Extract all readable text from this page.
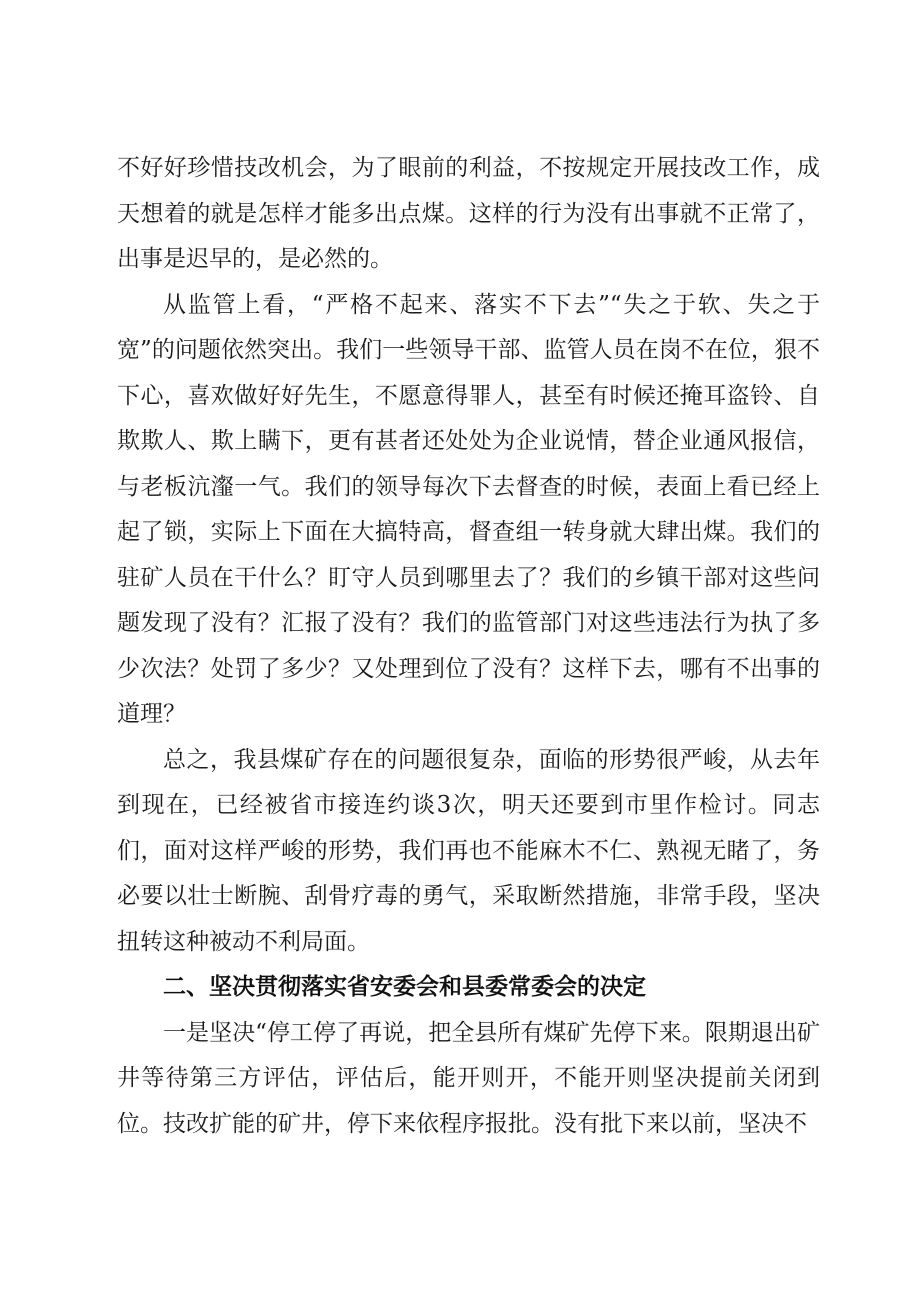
不好好珍惜技改机会，为了眼前的利益，不按规定开展技改工作，成天想着的就是怎样才能多出点煤。这样的行为没有出事就不正常了，出事是迟早的，是必然的。

从监管上看，“严格不起来、落实不下去”“失之于软、失之于宽”的问题依然突出。我们一些领导干部、监管人员在岗不在位，狠不下心，喜欢做好好先生，不愿意得罪人，甚至有时候还掩耳盗铃、自欺欺人、欺上瞒下，更有甚者还处处为企业说情，替企业通风报信，与老板沆瀣一气。我们的领导每次下去督查的时候，表面上看已经上起了锁，实际上下面在大搞特高，督查组一转身就大肆出煤。我们的驻矿人员在干什么？盯守人员到哪里去了？我们的乡镇干部对这些问题发现了没有？汇报了没有？我们的监管部门对这些违法行为执了多少次法？处罚了多少？又处理到位了没有？这样下去，哪有不出事的道理？

总之，我县煤矿存在的问题很复杂，面临的形势很严峻，从去年到现在，已经被省市接连约谈3次，明天还要到市里作检讨。同志们，面对这样严峻的形势，我们再也不能麻木不仁、熟视无睹了，务必要以壮士断腕、刮骨疗毒的勇气，采取断然措施，非常手段，坚决扭转这种被动不利局面。

二、坚决贯彻落实省安委会和县委常委会的决定

一是坚决“停工停了再说，把全县所有煤矿先停下来。限期退出矿井等待第三方评估，评估后，能开则开，不能开则坚决提前关闭到位。技改扩能的矿井，停下来依程序报批。没有批下来以前，坚决不
